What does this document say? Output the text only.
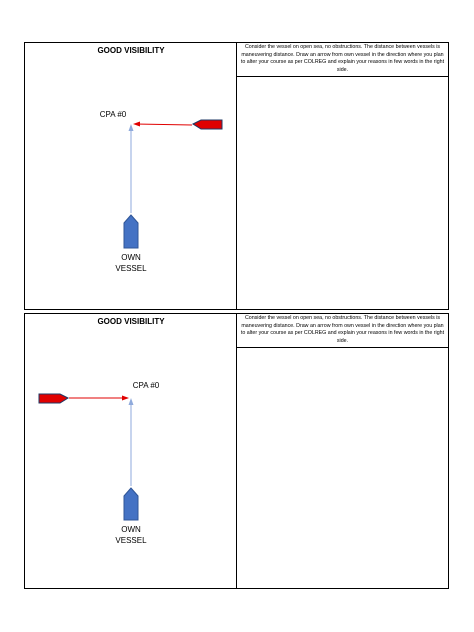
GOOD VISIBILITY
CPA #0
OWN
VESSEL
Consider the vessel on open sea, no obstructions. The distance between vessels is maneuvering distance. Draw an arrow from own vessel in the direction where you plan to alter your course as per COLREG and explain your reasons in few words in the right side.
GOOD VISIBILITY
CPA #0
OWN
VESSEL
Consider the vessel on open sea, no obstructions. The distance between vessels is maneuvering distance. Draw an arrow from own vessel in the direction where you plan to alter your course as per COLREG and explain your reasons in few words in the right side.
